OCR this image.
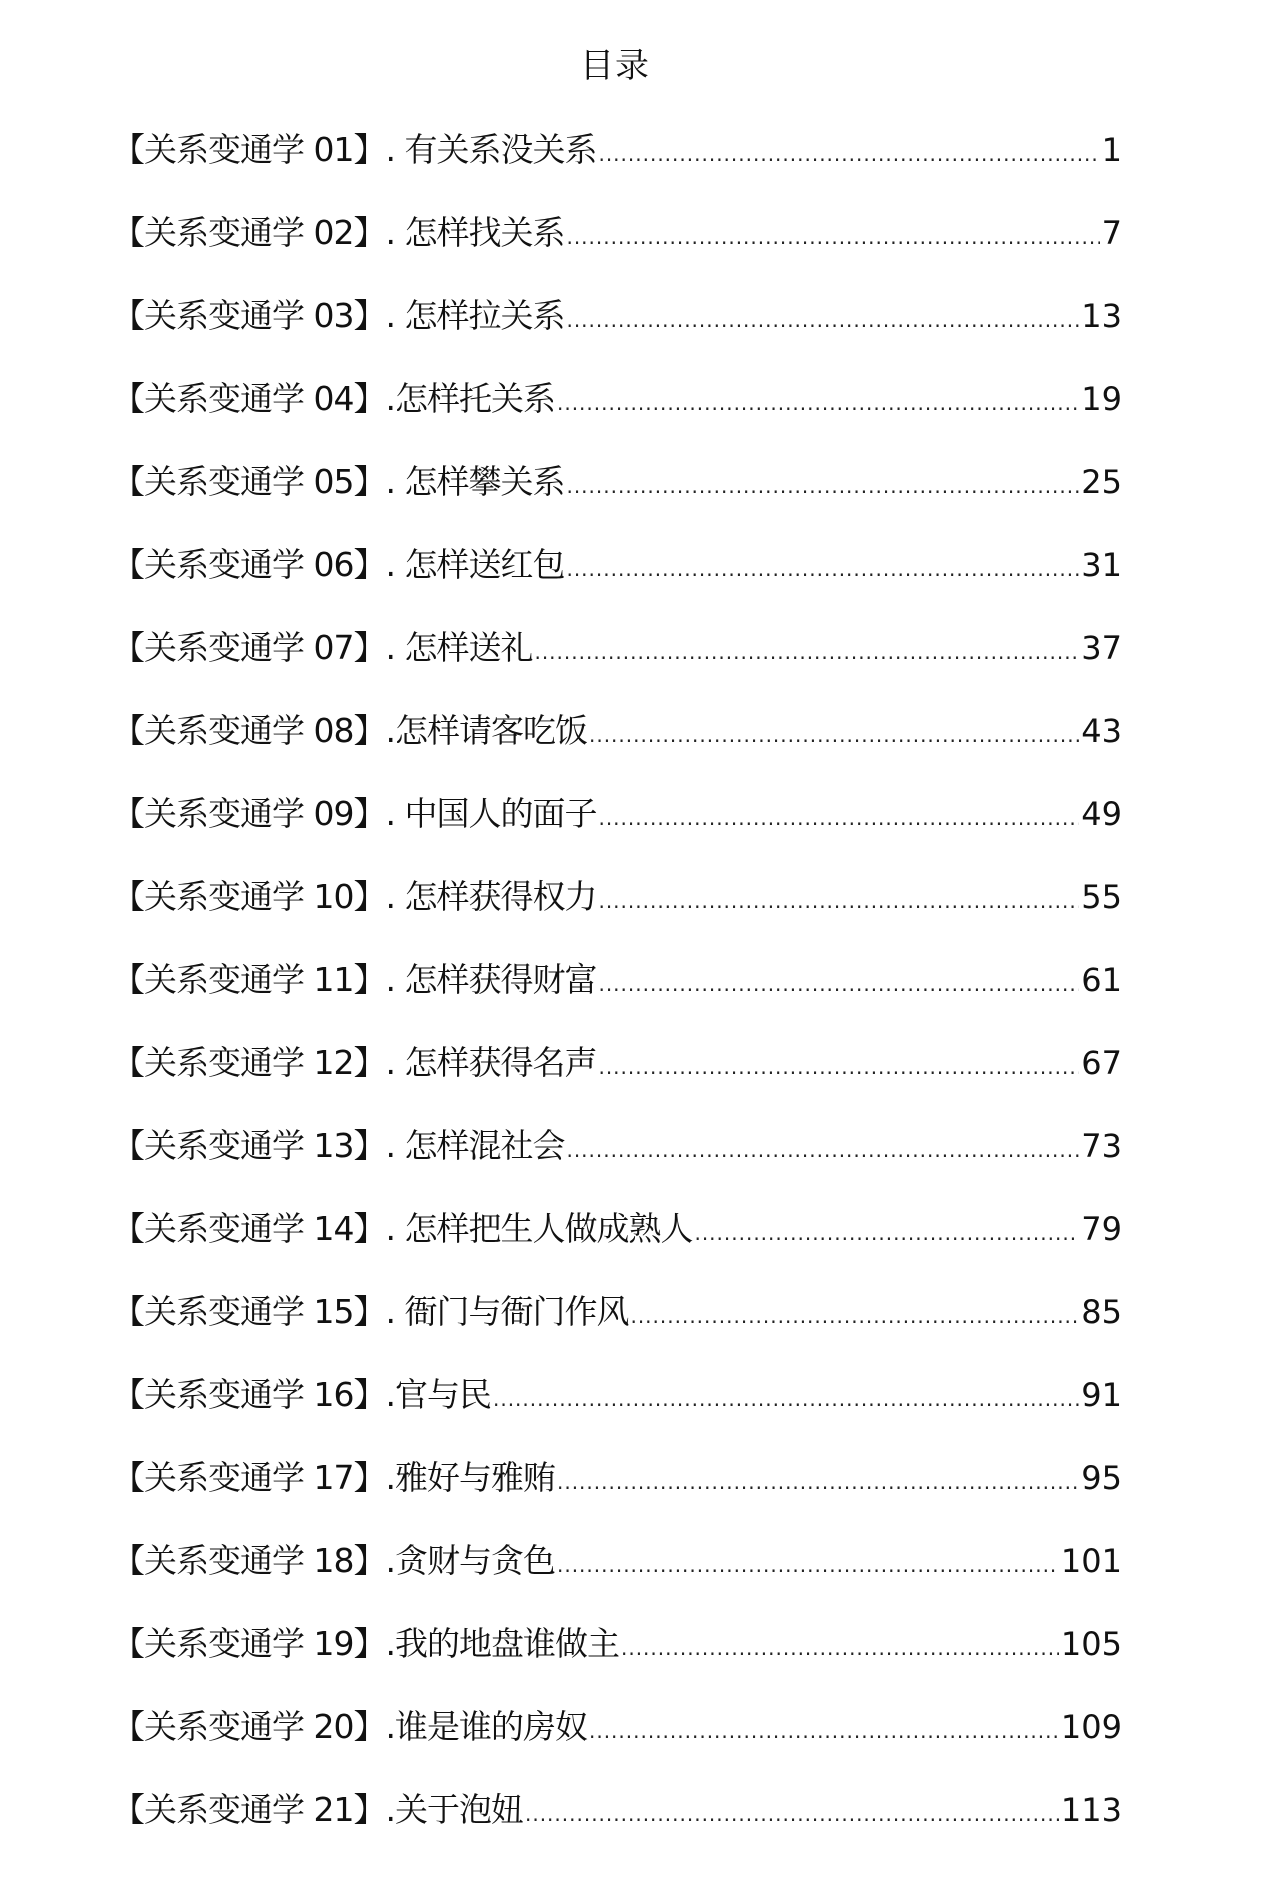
目录
【关系变通学 01】. 有关系没关系 .....	1
【关系变通学 02】. 怎样找关系 .....	7
【关系变通学 03】. 怎样拉关系 .....	13
【关系变通学 04】.怎样托关系 .....	19
【关系变通学 05】. 怎样攀关系 .....	25
【关系变通学 06】. 怎样送红包 .....	31
【关系变通学 07】. 怎样送礼 .....	37
【关系变通学 08】.怎样请客吃饭 .....	43
【关系变通学 09】. 中国人的面子 .....	49
【关系变通学 10】. 怎样获得权力 .....	55
【关系变通学 11】. 怎样获得财富 .....	61
【关系变通学 12】. 怎样获得名声 .....	67
【关系变通学 13】. 怎样混社会 .....	73
【关系变通学 14】. 怎样把生人做成熟人 .....	79
【关系变通学 15】. 衙门与衙门作风 .....	85
【关系变通学 16】.官与民 .....	91
【关系变通学 17】.雅好与雅贿 .....	95
【关系变通学 18】.贪财与贪色 .....	101
【关系变通学 19】.我的地盘谁做主 .....	105
【关系变通学 20】.谁是谁的房奴 .....	109
【关系变通学 21】.关于泡妞 .....	113
